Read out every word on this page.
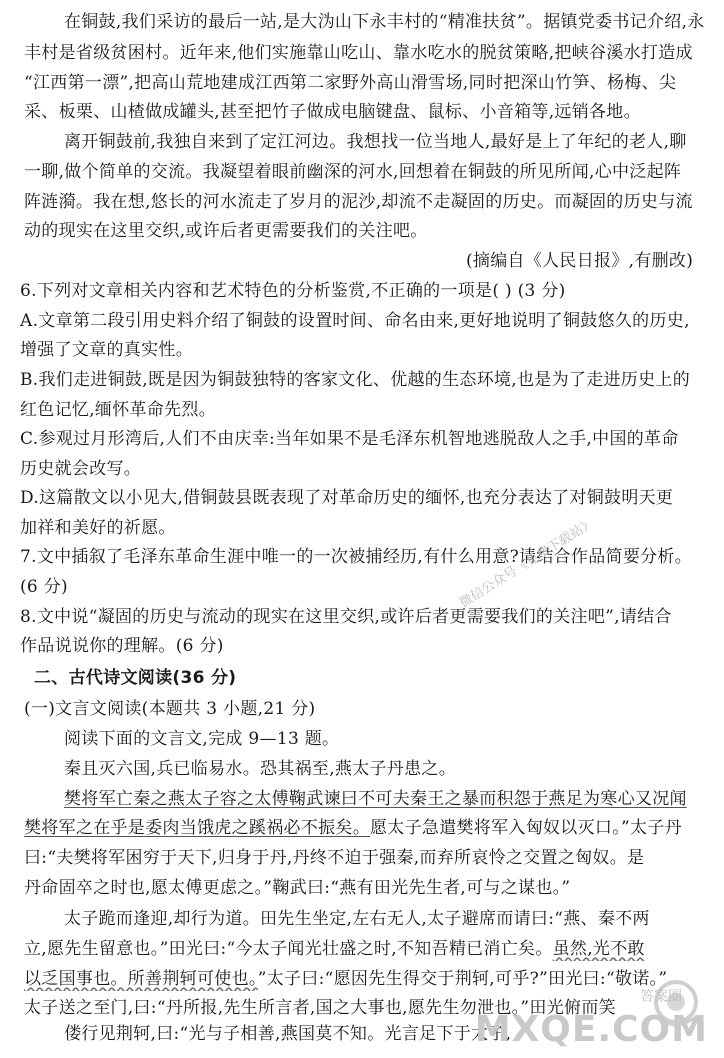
在铜鼓,我们采访的最后一站,是大沩山下永丰村的“精准扶贫”。据镇党委书记介绍,永
丰村是省级贫困村。近年来,他们实施靠山吃山、靠水吃水的脱贫策略,把峡谷溪水打造成
“江西第一漂”,把高山荒地建成江西第二家野外高山滑雪场,同时把深山竹笋、杨梅、尖
采、板栗、山楂做成罐头,甚至把竹子做成电脑键盘、鼠标、小音箱等,远销各地。
离开铜鼓前,我独自来到了定江河边。我想找一位当地人,最好是上了年纪的老人,聊
一聊,做个简单的交流。我凝望着眼前幽深的河水,回想着在铜鼓的所见所闻,心中泛起阵
阵涟漪。我在想,悠长的河水流走了岁月的泥沙,却流不走凝固的历史。而凝固的历史与流
动的现实在这里交织,或许后者更需要我们的关注吧。
(摘编自《人民日报》,有删改)
6.下列对文章相关内容和艺术特色的分析鉴赏,不正确的一项是( ) (3 分)
A.文章第二段引用史料介绍了铜鼓的设置时间、命名由来,更好地说明了铜鼓悠久的历史,
增强了文章的真实性。
B.我们走进铜鼓,既是因为铜鼓独特的客家文化、优越的生态环境,也是为了走进历史上的
红色记忆,缅怀革命先烈。
C.参观过月形湾后,人们不由庆幸:当年如果不是毛泽东机智地逃脱敌人之手,中国的革命
历史就会改写。
D.这篇散文以小见大,借铜鼓县既表现了对革命历史的缅怀,也充分表达了对铜鼓明天更
加祥和美好的祈愿。
7.文中插叙了毛泽东革命生涯中唯一的一次被捕经历,有什么用意?请结合作品简要分析。
(6 分)
8.文中说“凝固的历史与流动的现实在这里交织,或许后者更需要我们的关注吧”,请结合
作品说说你的理解。(6 分)
二、古代诗文阅读(36 分)
(一)文言文阅读(本题共 3 小题,21 分)
阅读下面的文言文,完成 9—13 题。
秦且灭六国,兵已临易水。恐其祸至,燕太子丹患之。
樊将军亡秦之燕太子容之太傅鞠武谏曰不可夫秦王之暴而积怨于燕足为寒心又况闻
樊将军之在乎是委肉当饿虎之蹊祸必不振矣。愿太子急遣樊将军入匈奴以灭口。”太子丹
曰:“夫樊将军困穷于天下,归身于丹,丹终不迫于强秦,而弃所哀怜之交置之匈奴。是
丹命固卒之时也,愿太傅更虑之。”鞠武曰:“燕有田光先生者,可与之谋也。”
太子跪而逢迎,却行为道。田先生坐定,左右无人,太子避席而请曰:“燕、秦不两
立,愿先生留意也。”田光曰:“今太子闻光壮盛之时,不知吾精已消亡矣。虽然,光不敢
以乏国事也。所善荆轲可使也。”太子曰:“愿因先生得交于荆轲,可乎?”田光曰:“敬诺。”
太子送之至门,曰:“丹所报,先生所言者,国之大事也,愿先生勿泄也。”田光俯而笑
偻行见荆轲,曰:“光与子相善,燕国莫不知。光言足下于太子,
微信公众号《免费下载站》
答案圈
MXQE.COM
